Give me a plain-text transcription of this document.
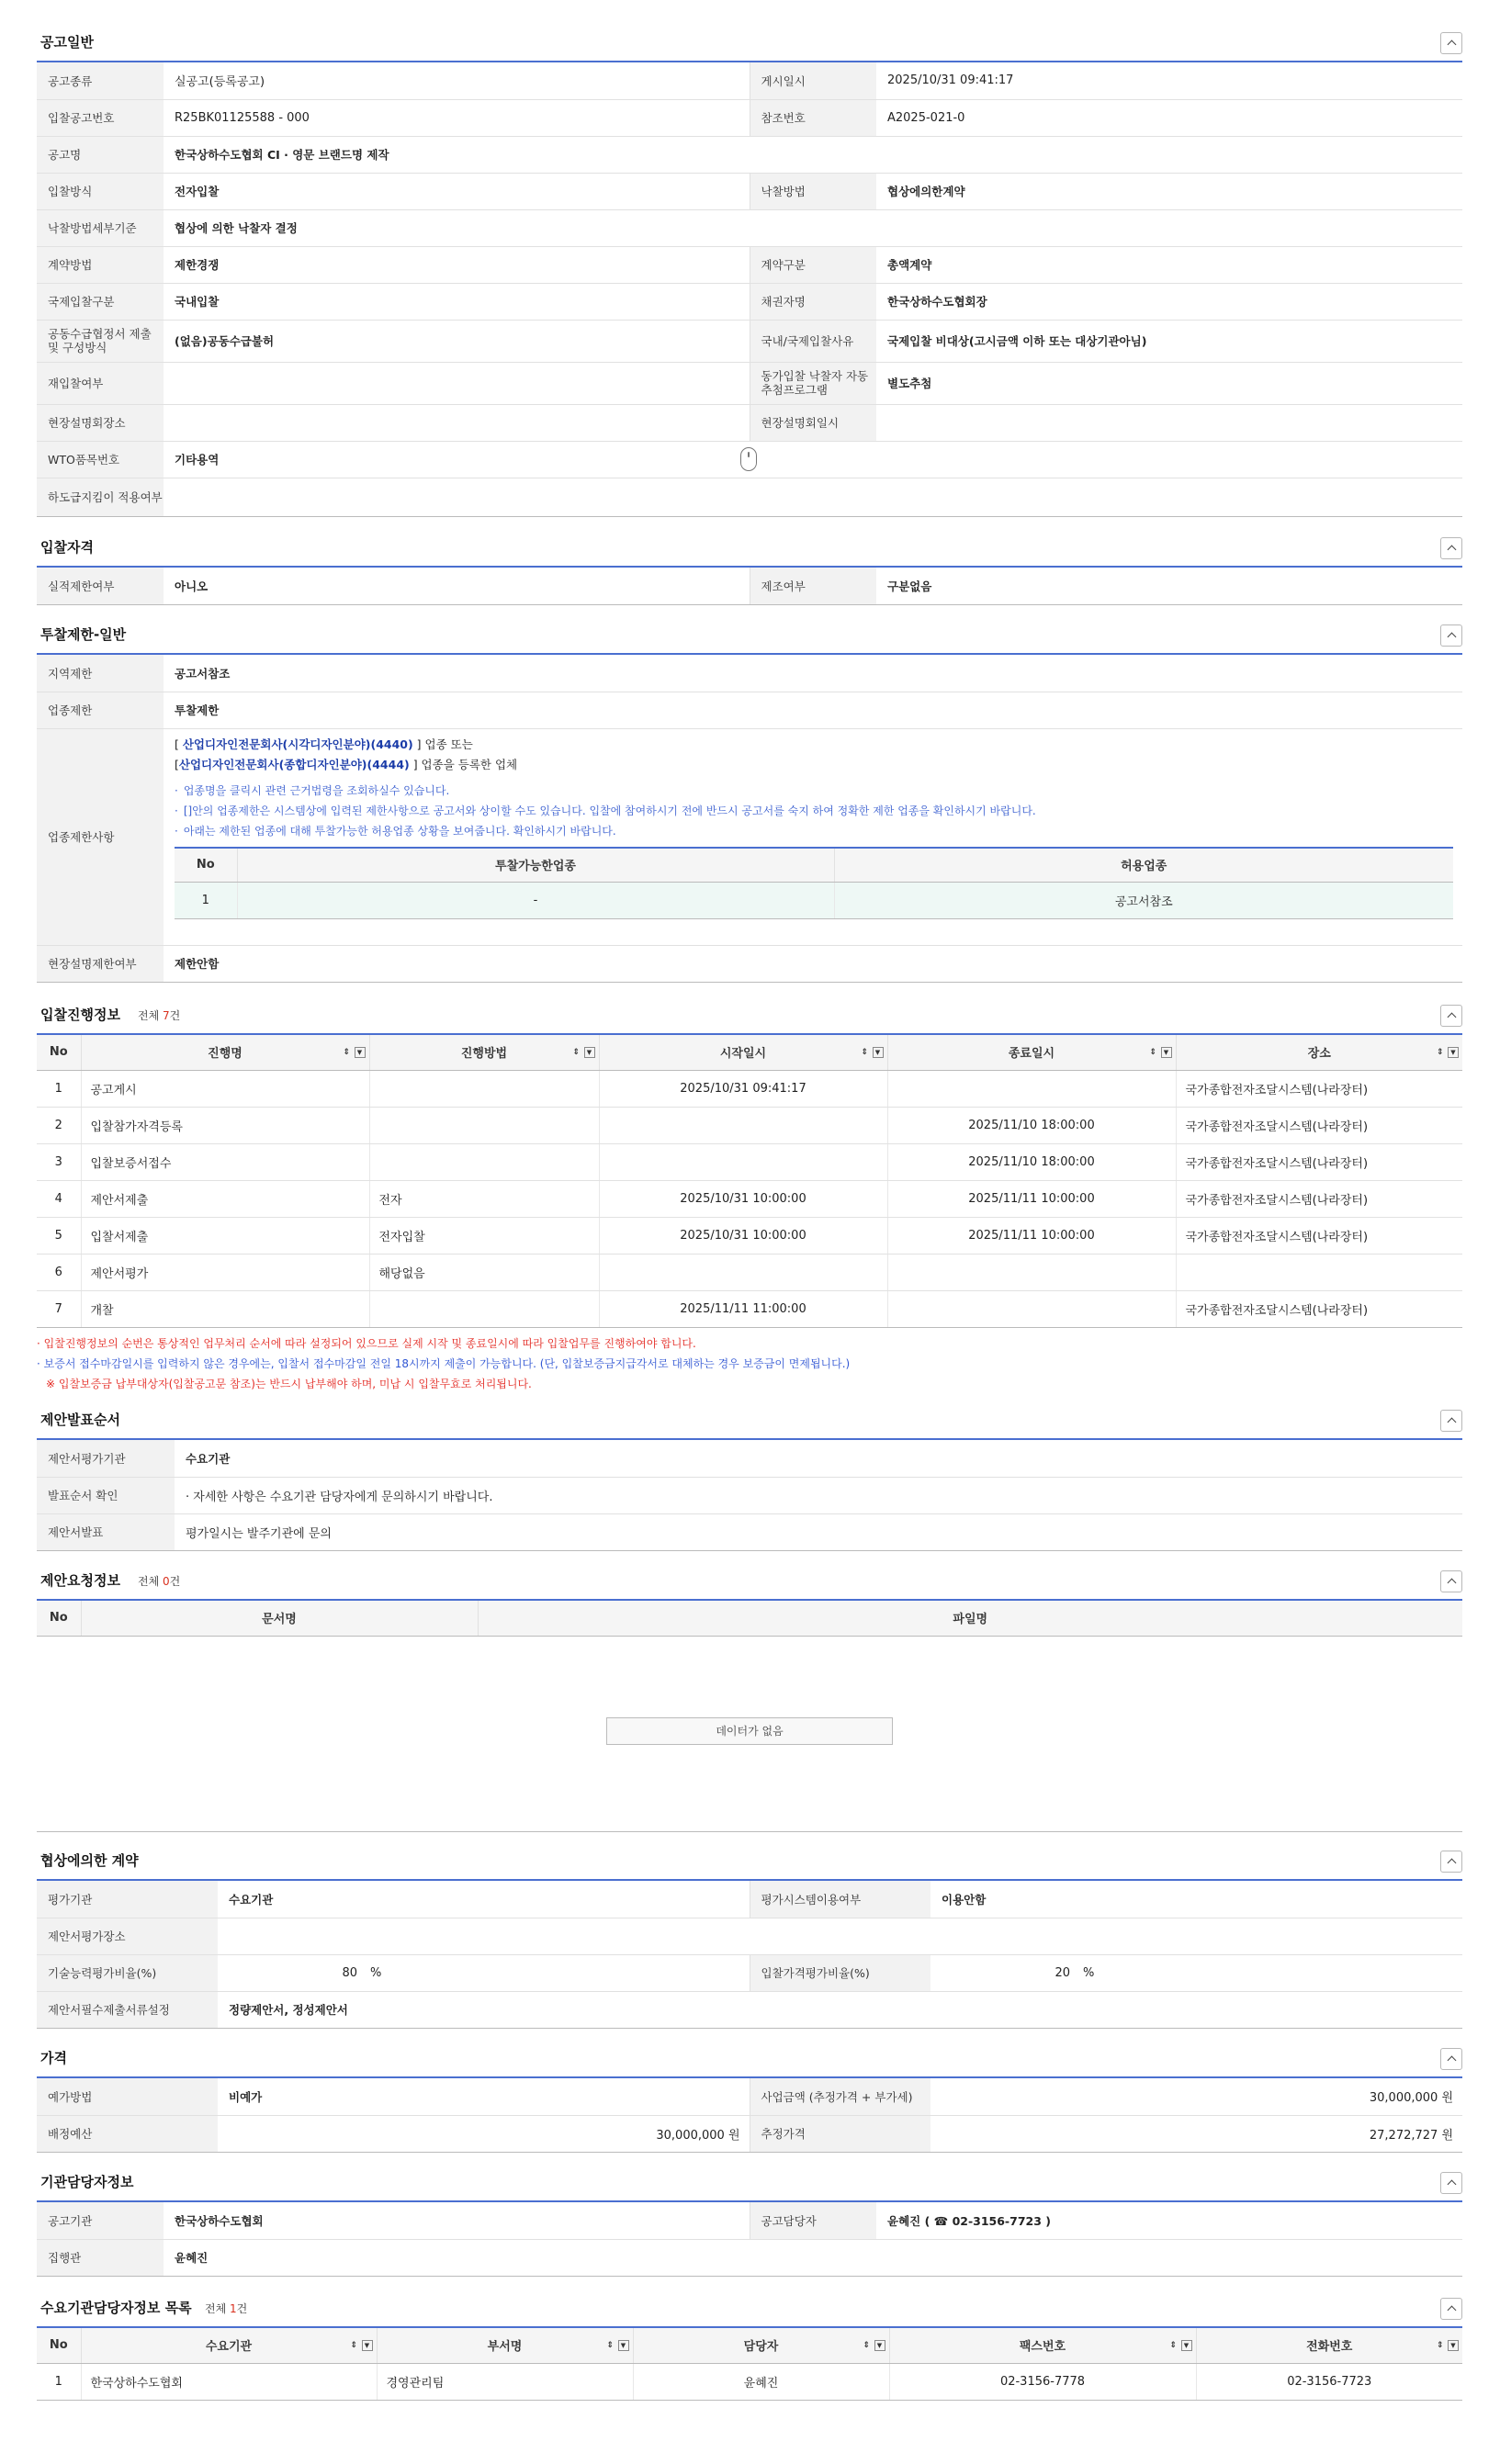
공고일반
공고종류	실공고(등록공고)	게시일시	2025/10/31 09:41:17
입찰공고번호	R25BK01125588 - 000	참조번호	A2025-021-0
공고명	한국상하수도협회 CI · 영문 브랜드명 제작		
입찰방식	전자입찰	낙찰방법	협상에의한계약
낙찰방법세부기준	협상에 의한 낙찰자 결정		
계약방법	제한경쟁	계약구분	총액계약
국제입찰구분	국내입찰	채권자명	한국상하수도협회장
공동수급협정서 제출 및 구성방식	(없음)공동수급불허	국내/국제입찰사유	국제입찰 비대상(고시금액 이하 또는 대상기관아님)
재입찰여부		동가입찰 낙찰자 자동추첨프로그램	별도추첨
현장설명회장소		현장설명회일시	
WTO품목번호	기타용역		
하도급지킴이 적용여부			
입찰자격
실적제한여부	아니오	제조여부	구분없음
투찰제한-일반
지역제한	공고서참조
업종제한	투찰제한
업종제한사항	
[ 산업디자인전문회사(시각디자인분야)(4440) ] 업종 또는
[산업디자인전문회사(종합디자인분야)(4444) ] 업종을 등록한 업체
· 업종명을 클릭시 관련 근거법령을 조회하실수 있습니다.
· []안의 업종제한은 시스템상에 입력된 제한사항으로 공고서와 상이할 수도 있습니다. 입찰에 참여하시기 전에 반드시 공고서를 숙지 하여 정확한 제한 업종을 확인하시기 바랍니다.
· 아래는 제한된 업종에 대해 투찰가능한 허용업종 상황을 보여줍니다. 확인하시기 바랍니다.
No	투찰가능한업종	허용업종
1	-	공고서참조

현장설명제한여부	제한안함
입찰진행정보 전체 7건
No	진행명 ⇕ ▼	진행방법 ⇕ ▼	시작일시 ⇕ ▼	종료일시 ⇕ ▼	장소 ⇕ ▼

1	공고게시		2025/10/31 09:41:17		국가종합전자조달시스템(나라장터)
2	입찰참가자격등록			2025/11/10 18:00:00	국가종합전자조달시스템(나라장터)
3	입찰보증서접수			2025/11/10 18:00:00	국가종합전자조달시스템(나라장터)
4	제안서제출	전자	2025/10/31 10:00:00	2025/11/11 10:00:00	국가종합전자조달시스템(나라장터)
5	입찰서제출	전자입찰	2025/10/31 10:00:00	2025/11/11 10:00:00	국가종합전자조달시스템(나라장터)
6	제안서평가	해당없음			
7	개찰		2025/11/11 11:00:00		국가종합전자조달시스템(나라장터)
· 입찰진행정보의 순번은 통상적인 업무처리 순서에 따라 설정되어 있으므로 실제 시작 및 종료일시에 따라 입찰업무를 진행하여야 합니다.
· 보증서 접수마감일시를 입력하지 않은 경우에는, 입찰서 접수마감일 전일 18시까지 제출이 가능합니다. (단, 입찰보증금지급각서로 대체하는 경우 보증금이 면제됩니다.)
※ 입찰보증금 납부대상자(입찰공고문 참조)는 반드시 납부해야 하며, 미납 시 입찰무효로 처리됩니다.
제안발표순서
제안서평가기관	수요기관
발표순서 확인	· 자세한 사항은 수요기관 담당자에게 문의하시기 바랍니다.
제안서발표	평가일시는 발주기관에 문의
제안요청정보 전체 0건
No	문서명	파일명
데이터가 없음
협상에의한 계약
평가기관	수요기관	평가시스템이용여부	이용안함
제안서평가장소			
기술능력평가비율(%)	80 %	입찰가격평가비율(%)	20 %
제안서필수제출서류설정	정량제안서, 정성제안서		
가격
예가방법	비예가	사업금액 (추정가격 + 부가세)	30,000,000 원
배정예산	30,000,000 원	추정가격	27,272,727 원
기관담당자정보
공고기관	한국상하수도협회	공고담당자	윤혜진 ( ☎ 02-3156-7723 )
집행관	윤혜진		
수요기관담당자정보 목록 전체 1건
No	수요기관 ⇕ ▼	부서명 ⇕ ▼	담당자 ⇕ ▼	팩스번호 ⇕ ▼	전화번호 ⇕ ▼

1	한국상하수도협회	경영관리팀	윤혜진	02-3156-7778	02-3156-7723
